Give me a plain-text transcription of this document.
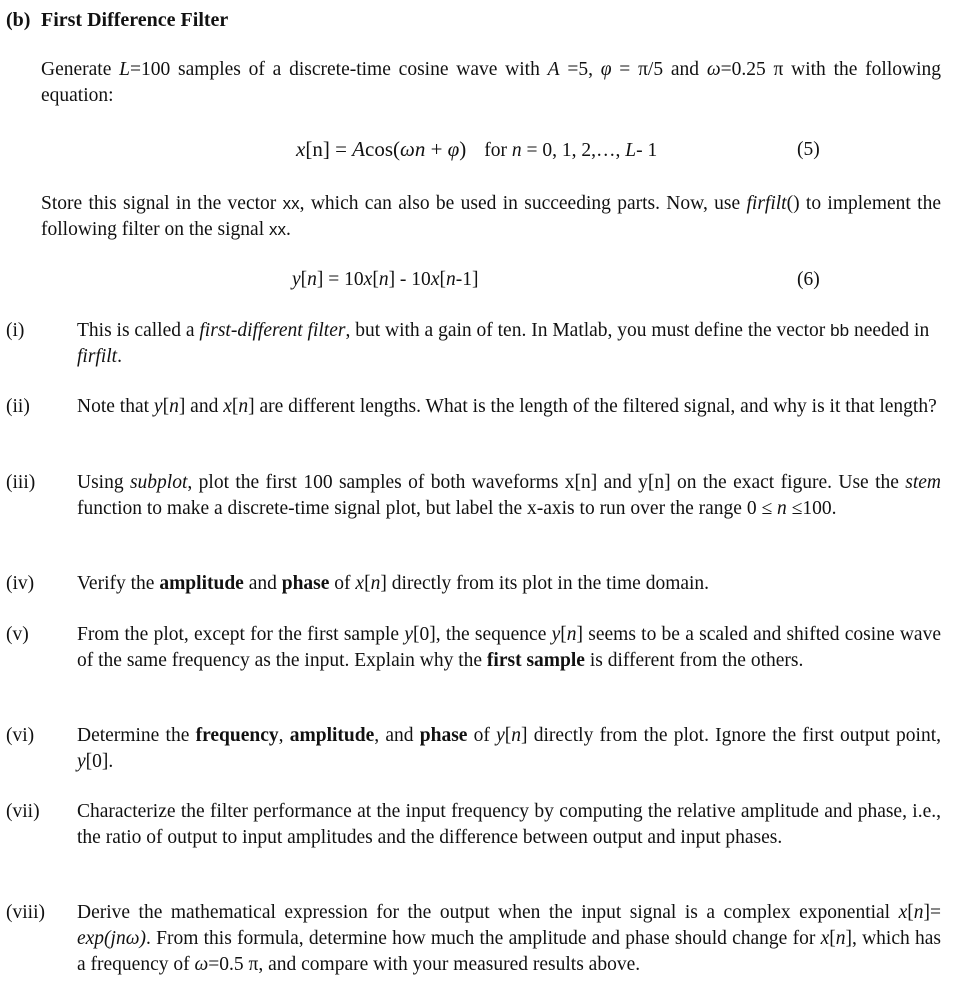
(b) First Difference Filter
Generate L=100 samples of a discrete-time cosine wave with A =5, φ = π/5 and ω=0.25 π with the following equation:
x[n] = Acos(ωn + φ) for n = 0, 1, 2,…, L- 1	(5)
Store this signal in the vector xx, which can also be used in succeeding parts. Now, use firfilt() to implement the following filter on the signal xx.
y[n] = 10x[n] - 10x[n-1]	(6)
(i)	This is called a first-different filter, but with a gain of ten. In Matlab, you must define the vector bb needed in firfilt.
(ii) Note that y[n] and x[n] are different lengths. What is the length of the filtered signal, and why is it that length?
(iii) Using subplot, plot the first 100 samples of both waveforms x[n] and y[n] on the exact figure. Use the stem function to make a discrete-time signal plot, but label the x-axis to run over the range 0 ≤ n ≤100.
(iv) Verify the amplitude and phase of x[n] directly from its plot in the time domain.
(v) From the plot, except for the first sample y[0], the sequence y[n] seems to be a scaled and shifted cosine wave of the same frequency as the input. Explain why the first sample is different from the others.
(vi) Determine the frequency, amplitude, and phase of y[n] directly from the plot. Ignore the first output point, y[0].
(vii) Characterize the filter performance at the input frequency by computing the relative amplitude and phase, i.e., the ratio of output to input amplitudes and the difference between output and input phases.
(viii) Derive the mathematical expression for the output when the input signal is a complex exponential x[n]= exp(jnω). From this formula, determine how much the amplitude and phase should change for x[n], which has a frequency of ω=0.5 π, and compare with your measured results above.
